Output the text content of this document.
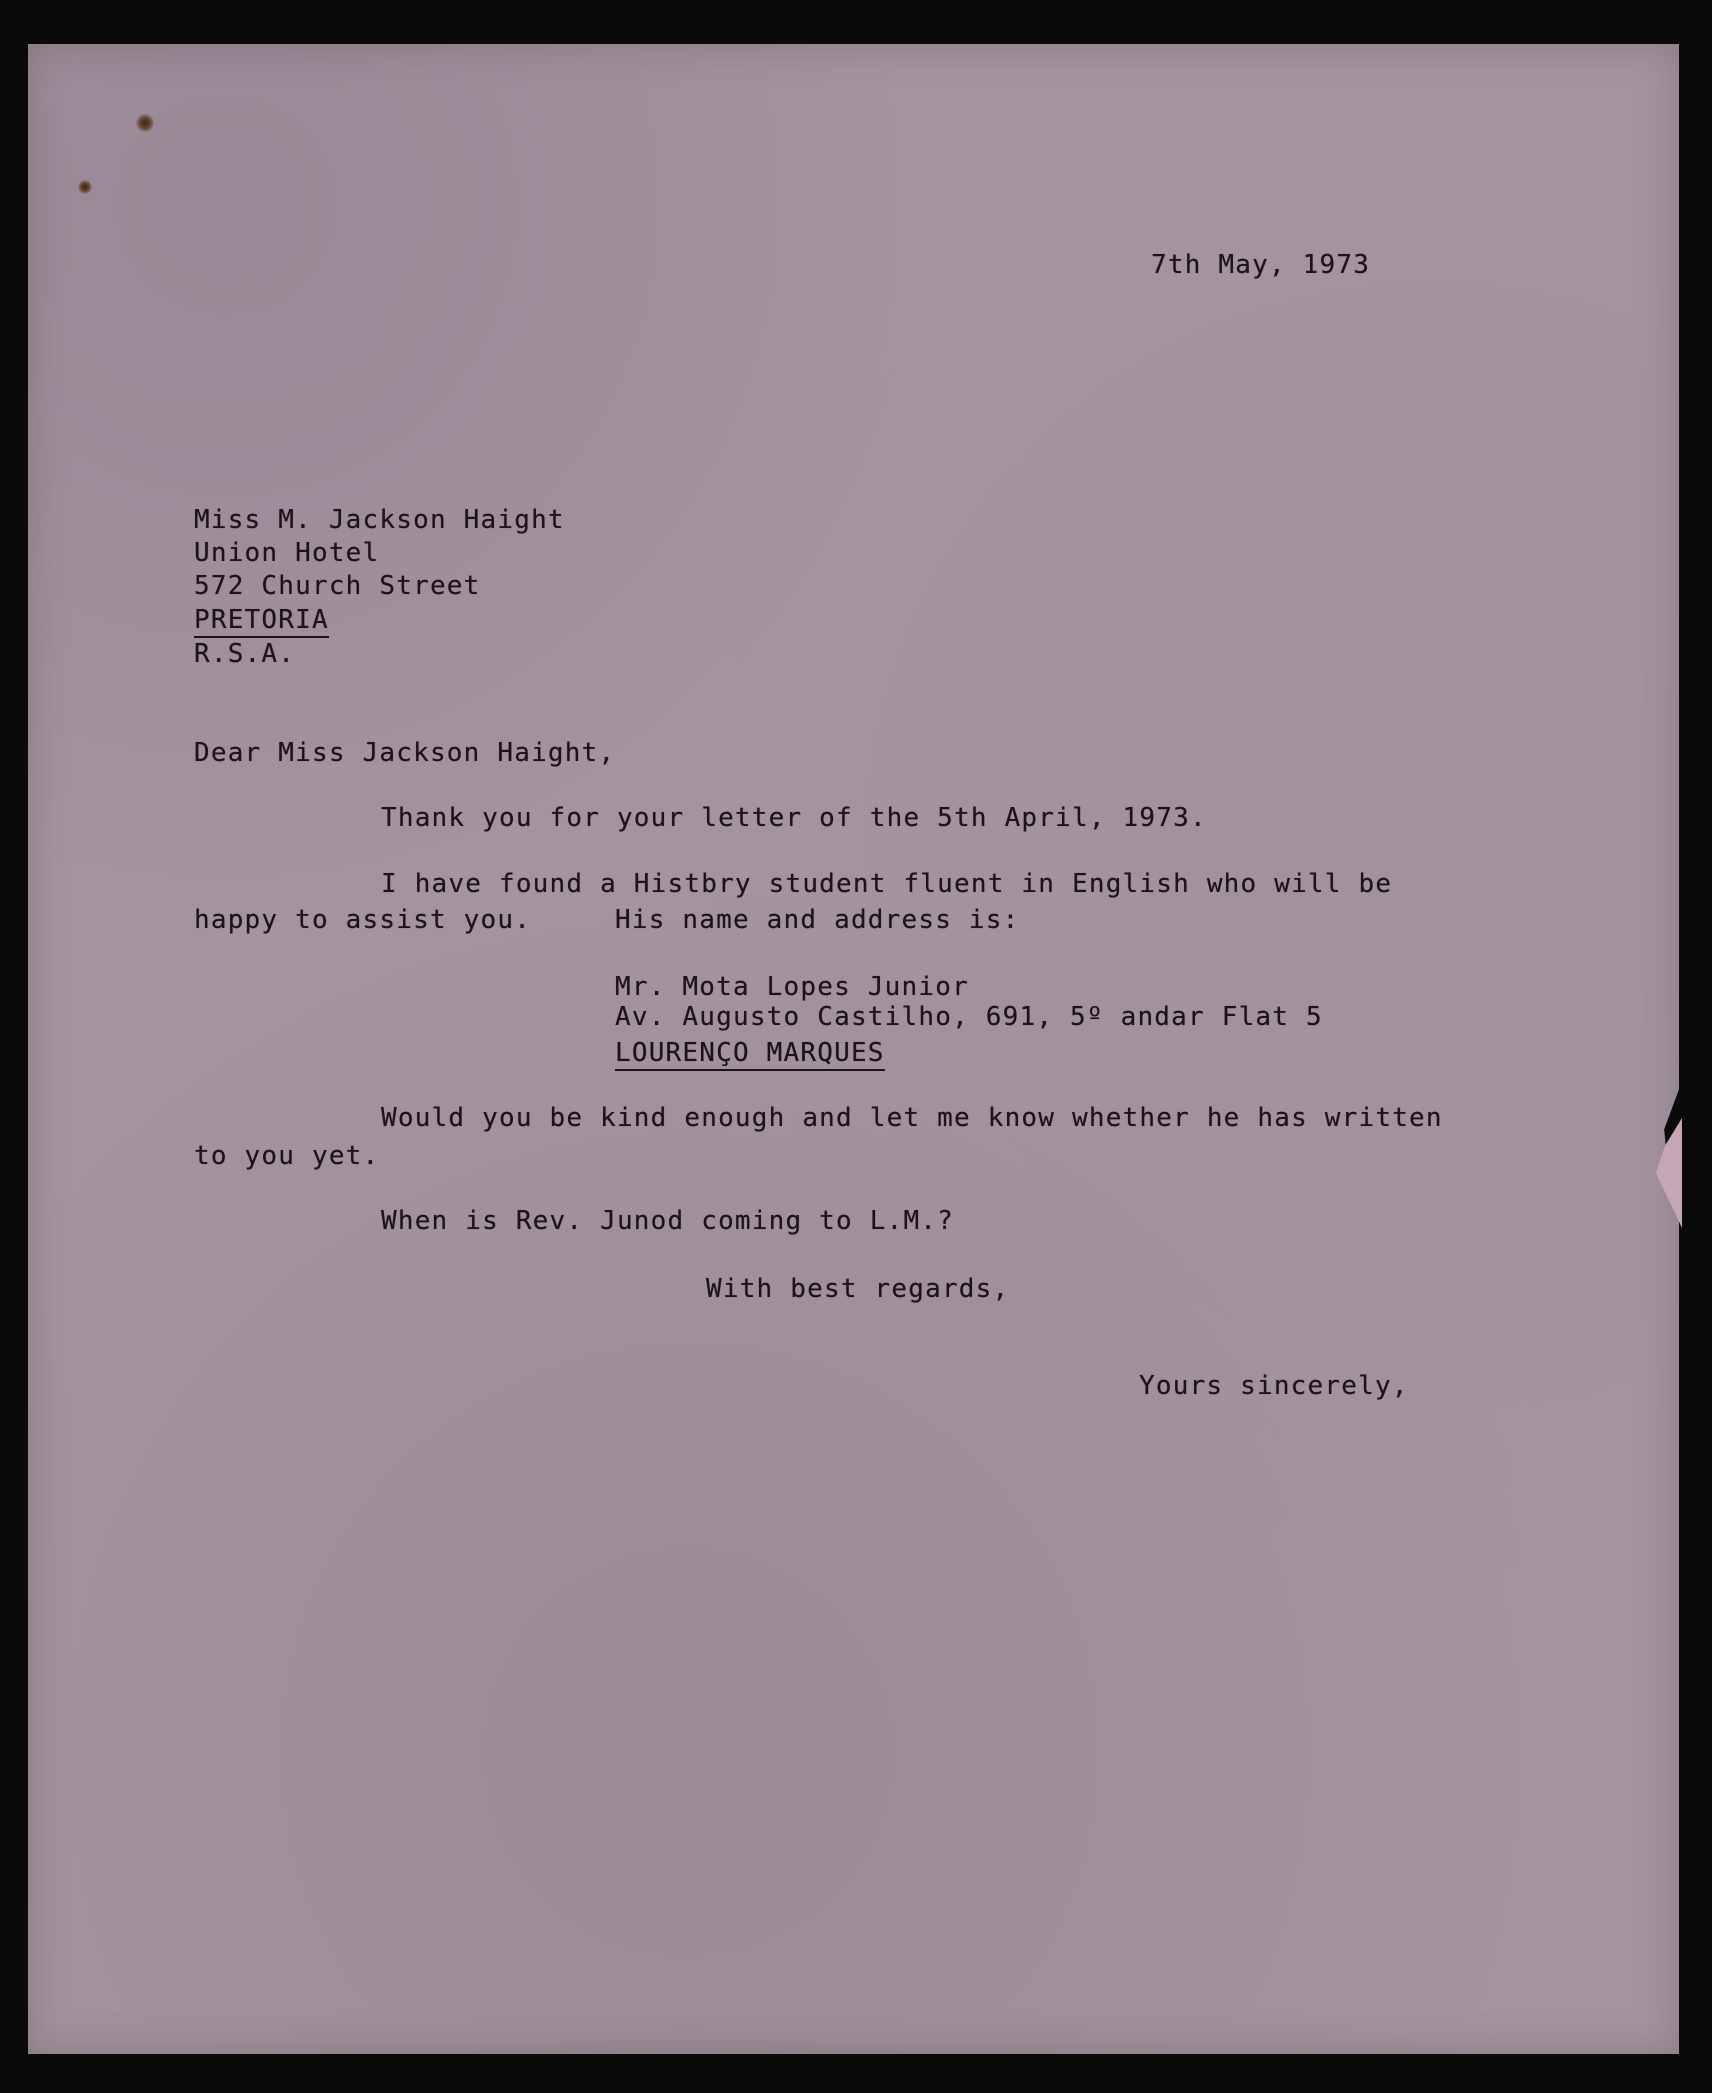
7th May, 1973
Miss M. Jackson Haight
Union Hotel
572 Church Street
PRETORIA
R.S.A.
Dear Miss Jackson Haight,
Thank you for your letter of the 5th April, 1973.
I have found a Histbry student fluent in English who will be
happy to assist you.	His name and address is:
Mr. Mota Lopes Junior
Av. Augusto Castilho, 691, 5º andar Flat 5
LOURENÇO MARQUES
Would you be kind enough and let me know whether he has written
to you yet.
When is Rev. Junod coming to L.M.?
With best regards,
Yours sincerely,
